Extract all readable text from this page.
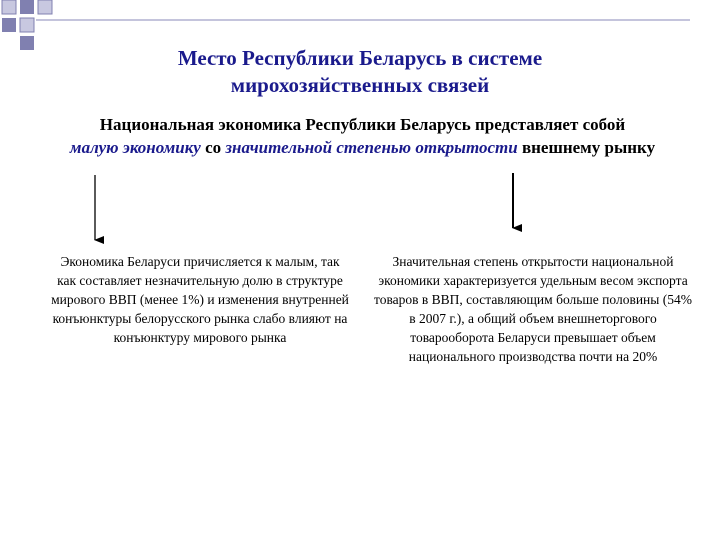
Место Республики Беларусь в системе
мирохозяйственных связей
Национальная экономика Республики Беларусь представляет собой
малую экономику со значительной степенью открытости внешнему рынку
Экономика Беларуси причисляется к малым, так как составляет незначительную долю в структуре мирового ВВП (менее 1%) и изменения внутренней конъюнктуры белорусского рынка слабо влияют на конъюнктуру мирового рынка
Значительная степень открытости национальной экономики характеризуется удельным весом экспорта товаров в ВВП, составляющим больше половины (54% в 2007 г.), а общий объем внешнеторгового товарооборота Беларуси превышает объем национального производства почти на 20%
